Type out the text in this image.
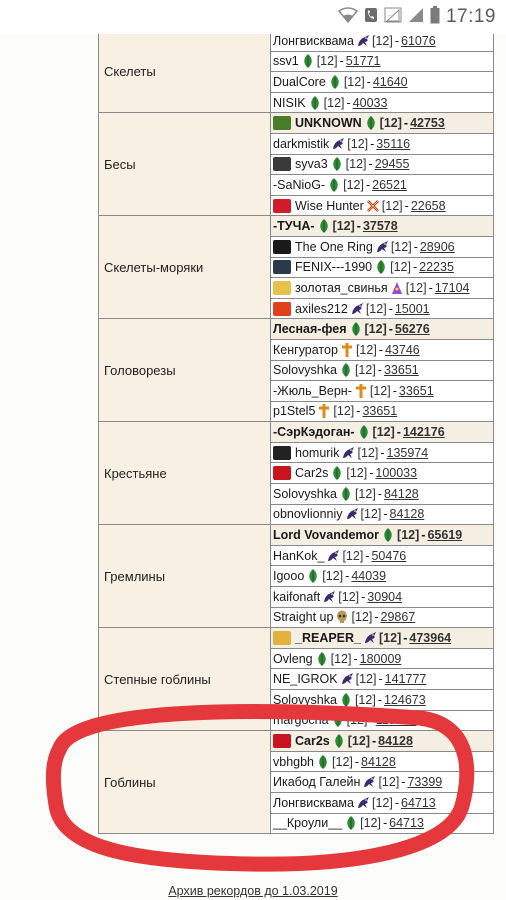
..	17:19
Скелеты	Лонгвисквама [12] - 61076

	ssv1 [12] - 51771

	DualCore [12] - 41640

	NISIK [12] - 40033

Бесы	UNKNOWN [12] - 42753

	darkmistik [12] - 35116

	syva3 [12] - 29455

	-SaNioG- [12] - 26521

	Wise Hunter [12] - 22658

Скелеты-моряки	-ТУЧА- [12] - 37578

	The One Ring [12] - 28906

	FENIX---1990 [12] - 22235

	золотая_свинья [12] - 17104

	axiles212 [12] - 15001

Головорезы	Лесная-фея [12] - 56276

	Кенгуратор [12] - 43746

	Solovyshka [12] - 33651

	-Жюль_Верн- [12] - 33651

	p1Stel5 [12] - 33651

Крестьяне	-СэрКэдоган- [12] - 142176

	homurik [12] - 135974

	Car2s [12] - 100033

	Solovyshka [12] - 84128

	obnovlionniy [12] - 84128

Гремлины	Lord Vovandemor [12] - 65619

	HanKok_ [12] - 50476

	Igooo [12] - 44039

	kaifonaft [12] - 30904

	Straight up [12] - 29867

Степные гоблины	_REAPER_ [12] - 473964

	Ovleng [12] - 180009

	NE_IGROK [12] - 141777

	Solovyshka [12] - 124673

	margocha [12] - 118616

Гоблины	Car2s [12] - 84128

	vbhgbh [12] - 84128

	Икабод Галейн [12] - 73399

	Лонгвисквама [12] - 64713

	__Кроули__ [12] - 64713
Архив рекордов до 1.03.2019
